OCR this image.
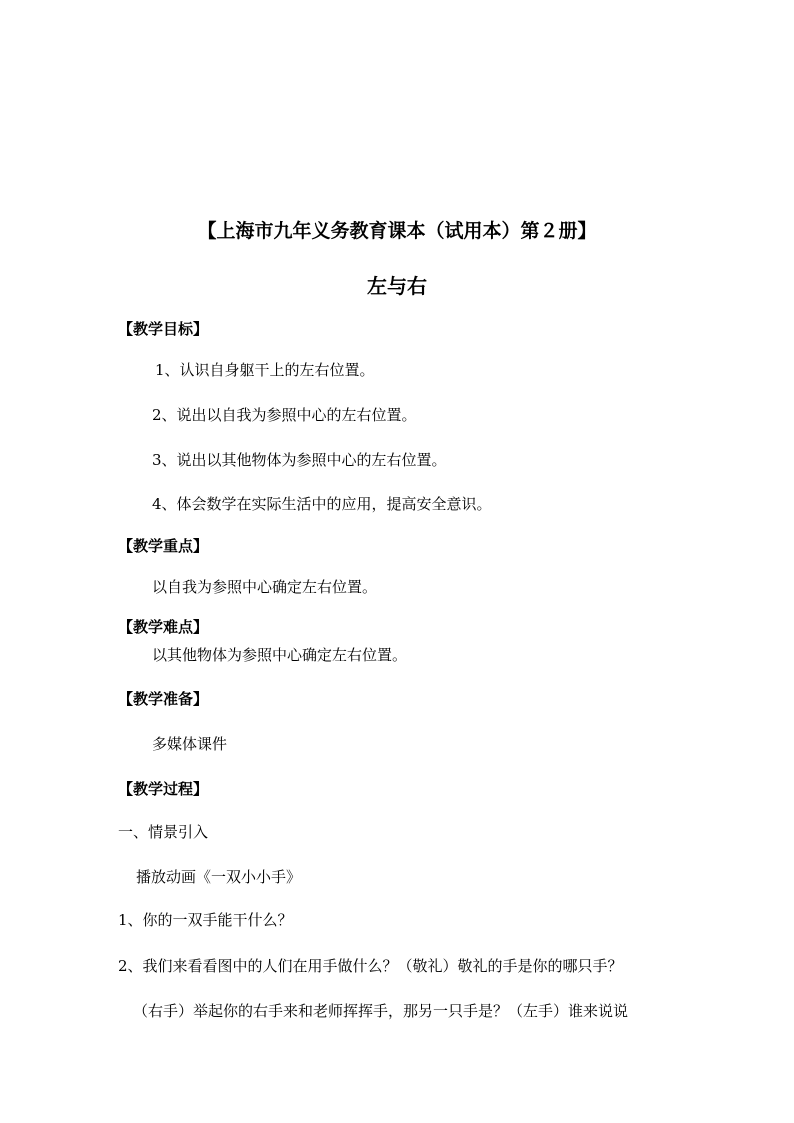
【上海市九年义务教育课本（试用本）第２册】
左与右
【教学目标】
1、认识自身躯干上的左右位置。
2、说出以自我为参照中心的左右位置。
3、说出以其他物体为参照中心的左右位置。
4、体会数学在实际生活中的应用，提高安全意识。
【教学重点】
以自我为参照中心确定左右位置。
【教学难点】
以其他物体为参照中心确定左右位置。
【教学准备】
多媒体课件
【教学过程】
一、情景引入
播放动画《一双小小手》
1、你的一双手能干什么？
2、我们来看看图中的人们在用手做什么？（敬礼）敬礼的手是你的哪只手？
（右手）举起你的右手来和老师挥挥手，那另一只手是？（左手）谁来说说
